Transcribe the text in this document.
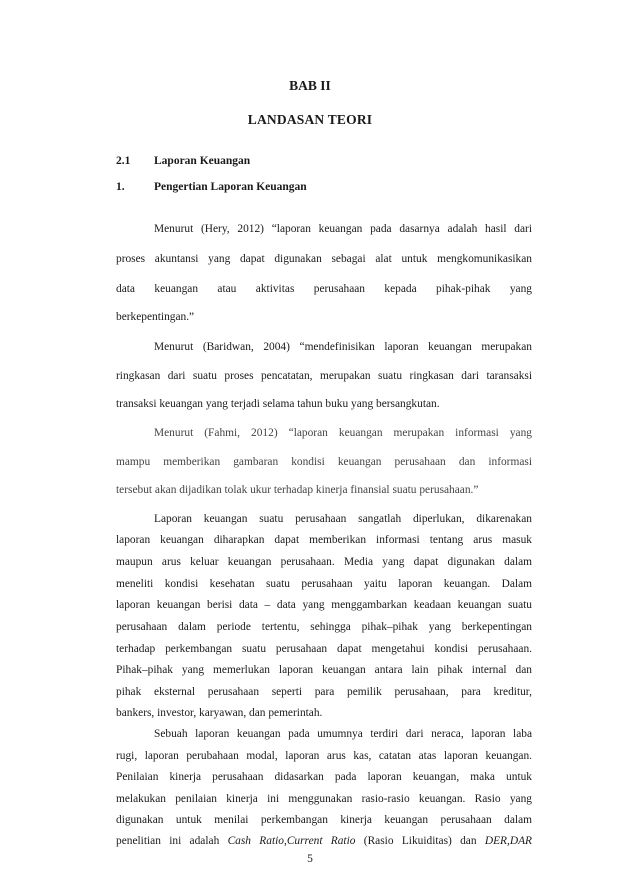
BAB II
LANDASAN TEORI
2.1 Laporan Keuangan
1.	Pengertian Laporan Keuangan
Menurut (Hery, 2012) “laporan keuangan pada dasarnya adalah hasil dari
proses akuntansi yang dapat digunakan sebagai alat untuk mengkomunikasikan
data keuangan atau aktivitas perusahaan kepada pihak-pihak yang
berkepentingan.”
Menurut (Baridwan, 2004) “mendefinisikan laporan keuangan merupakan
ringkasan dari suatu proses pencatatan, merupakan suatu ringkasan dari taransaksi
transaksi keuangan yang terjadi selama tahun buku yang bersangkutan.
Menurut (Fahmi, 2012) “laporan keuangan merupakan informasi yang
mampu memberikan gambaran kondisi keuangan perusahaan dan informasi
tersebut akan dijadikan tolak ukur terhadap kinerja finansial suatu perusahaan.”
Laporan keuangan suatu perusahaan sangatlah diperlukan, dikarenakan
laporan keuangan diharapkan dapat memberikan informasi tentang arus masuk
maupun arus keluar keuangan perusahaan. Media yang dapat digunakan dalam
meneliti kondisi kesehatan suatu perusahaan yaitu laporan keuangan. Dalam
laporan keuangan berisi data – data yang menggambarkan keadaan keuangan suatu
perusahaan dalam periode tertentu, sehingga pihak–pihak yang berkepentingan
terhadap perkembangan suatu perusahaan dapat mengetahui kondisi perusahaan.
Pihak–pihak yang memerlukan laporan keuangan antara lain pihak internal dan
pihak eksternal perusahaan seperti para pemilik perusahaan, para kreditur,
bankers, investor, karyawan, dan pemerintah.
Sebuah laporan keuangan pada umumnya terdiri dari neraca, laporan laba
rugi, laporan perubahaan modal, laporan arus kas, catatan atas laporan keuangan.
Penilaian kinerja perusahaan didasarkan pada laporan keuangan, maka untuk
melakukan penilaian kinerja ini menggunakan rasio-rasio keuangan. Rasio yang
digunakan untuk menilai perkembangan kinerja keuangan perusahaan dalam
penelitian ini adalah Cash Ratio,Current Ratio (Rasio Likuiditas) dan DER,DAR
5
